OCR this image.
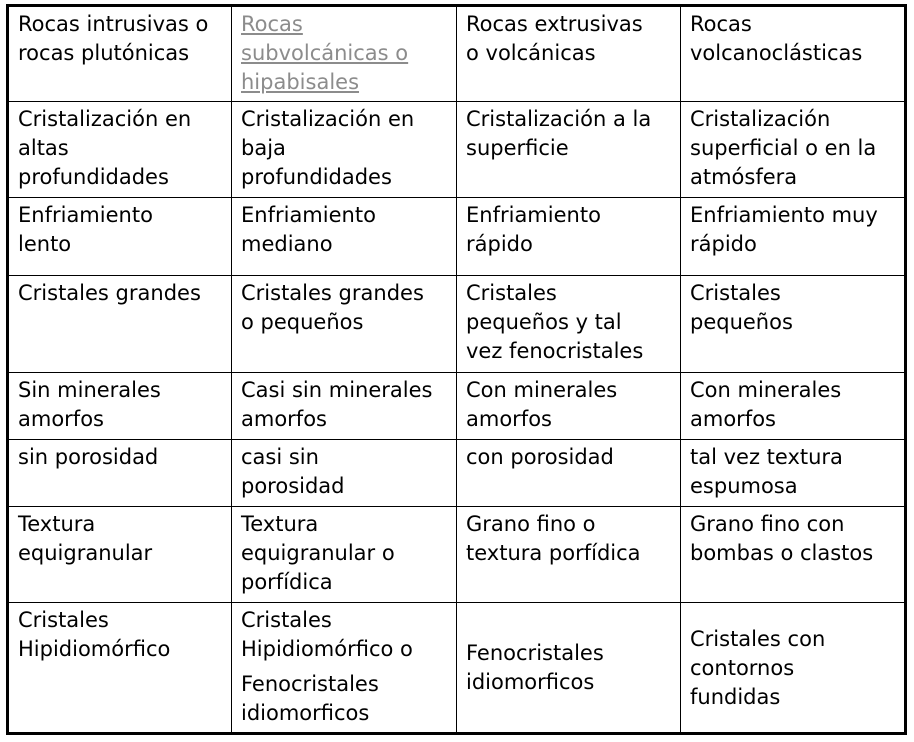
Rocas intrusivas o
rocas plutónicas	Rocas
subvolcánicas o
hipabisales	Rocas extrusivas
o volcánicas	Rocas
volcanoclásticas

Cristalización en
altas
profundidades	Cristalización en
baja
profundidades	Cristalización a la
superficie	Cristalización
superficial o en la
atmósfera

Enfriamiento
lento	Enfriamiento
mediano	Enfriamiento
rápido	Enfriamiento muy
rápido

Cristales grandes	Cristales grandes
o pequeños	Cristales
pequeños y tal
vez fenocristales	Cristales
pequeños

Sin minerales
amorfos	Casi sin minerales
amorfos	Con minerales
amorfos	Con minerales
amorfos

sin porosidad	casi sin
porosidad	con porosidad	tal vez textura
espumosa

Textura
equigranular	Textura
equigranular o
porfídica	Grano fino o
textura porfídica	Grano fino con
bombas o clastos

Cristales
Hipidiomórfico	Cristales
Hipidiomórfico o
Fenocristales
idiomorficos	Fenocristales
idiomorficos	Cristales con
contornos
fundidas
